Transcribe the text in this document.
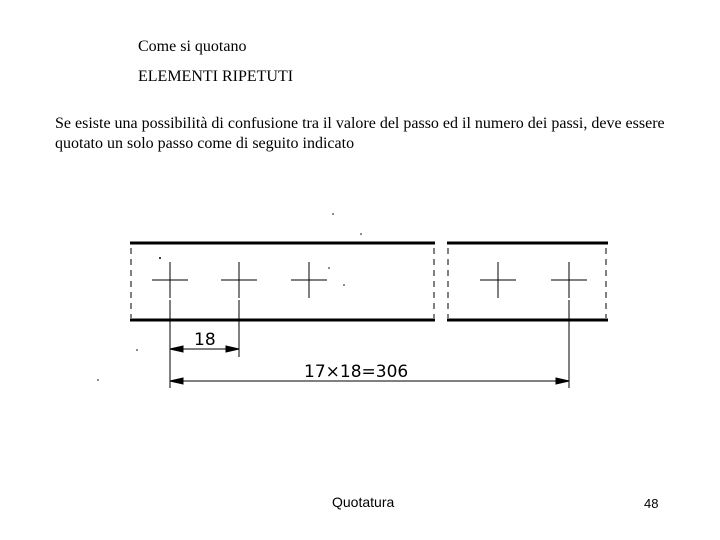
Come si quotano
ELEMENTI RIPETUTI
Se esiste una possibilità di confusione tra il valore del passo ed il numero dei passi, deve essere quotato un solo passo come di seguito indicato
18
17×18=306
Quotatura	48
